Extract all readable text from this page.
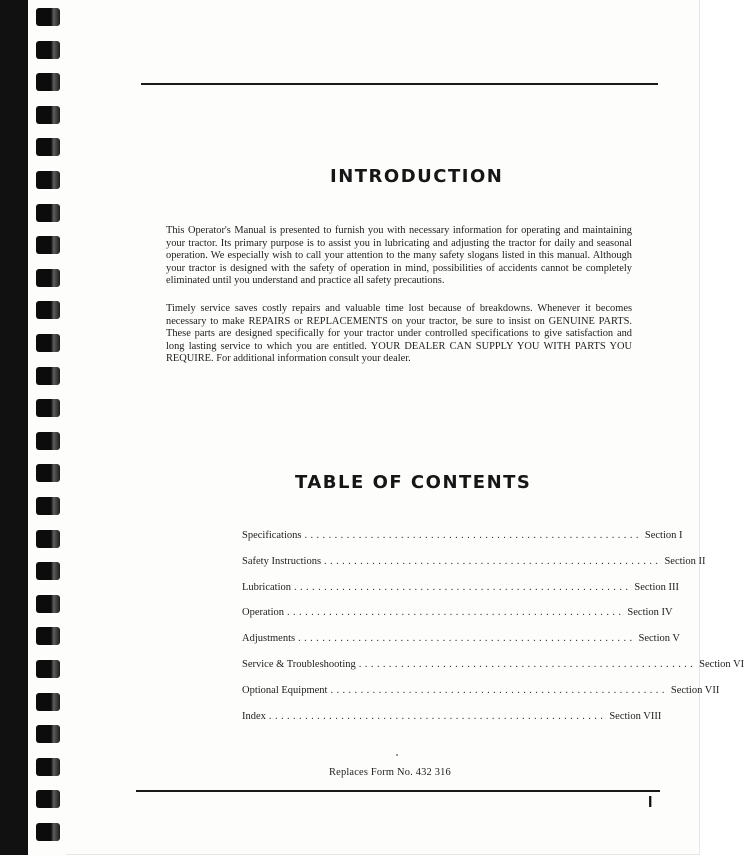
INTRODUCTION
This Operator's Manual is presented to furnish you with necessary information for operating and maintaining your tractor. Its primary purpose is to assist you in lubricating and adjusting the tractor for daily and seasonal operation. We especially wish to call your attention to the many safety slogans listed in this manual. Although your tractor is designed with the safety of operation in mind, possibilities of accidents cannot be completely eliminated until you understand and practice all safety precautions.
Timely service saves costly repairs and valuable time lost because of breakdowns. Whenever it becomes necessary to make REPAIRS or REPLACEMENTS on your tractor, be sure to insist on GENUINE PARTS. These parts are designed specifically for your tractor under controlled specifications to give satisfaction and long lasting service to which you are entitled. YOUR DEALER CAN SUPPLY YOU WITH PARTS YOU REQUIRE. For additional information consult your dealer.
TABLE OF CONTENTS
Specifications ........................................................ Section I
Safety Instructions ........................................................ Section II
Lubrication ........................................................ Section III
Operation ........................................................ Section IV
Adjustments ........................................................ Section V
Service & Troubleshooting ........................................................ Section VI
Optional Equipment ........................................................ Section VII
Index ........................................................ Section VIII
Replaces Form No. 432 316
I
